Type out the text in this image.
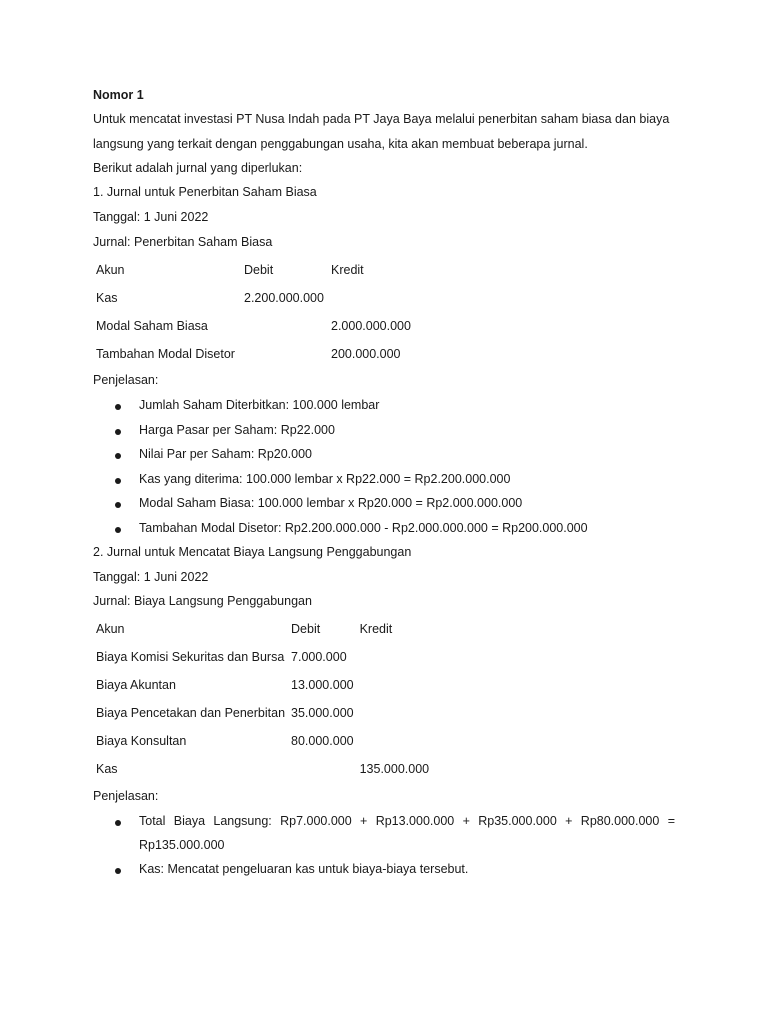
Nomor 1
Untuk mencatat investasi PT Nusa Indah pada PT Jaya Baya melalui penerbitan saham biasa dan biaya
langsung yang terkait dengan penggabungan usaha, kita akan membuat beberapa jurnal.
Berikut adalah jurnal yang diperlukan:
1. Jurnal untuk Penerbitan Saham Biasa
Tanggal: 1 Juni 2022
Jurnal: Penerbitan Saham Biasa
Akun	Debit	Kredit
Kas	2.200.000.000	
Modal Saham Biasa		2.000.000.000
Tambahan Modal Disetor		200.000.000
Penjelasan:
Jumlah Saham Diterbitkan: 100.000 lembar
Harga Pasar per Saham: Rp22.000
Nilai Par per Saham: Rp20.000
Kas yang diterima: 100.000 lembar x Rp22.000 = Rp2.200.000.000
Modal Saham Biasa: 100.000 lembar x Rp20.000 = Rp2.000.000.000
Tambahan Modal Disetor: Rp2.200.000.000 - Rp2.000.000.000 = Rp200.000.000
2. Jurnal untuk Mencatat Biaya Langsung Penggabungan
Tanggal: 1 Juni 2022
Jurnal: Biaya Langsung Penggabungan
Akun	Debit	Kredit
Biaya Komisi Sekuritas dan Bursa	7.000.000	
Biaya Akuntan	13.000.000	
Biaya Pencetakan dan Penerbitan	35.000.000	
Biaya Konsultan	80.000.000	
Kas		135.000.000
Penjelasan:
Total Biaya Langsung: Rp7.000.000 + Rp13.000.000 + Rp35.000.000 + Rp80.000.000 =
Rp135.000.000
Kas: Mencatat pengeluaran kas untuk biaya-biaya tersebut.
